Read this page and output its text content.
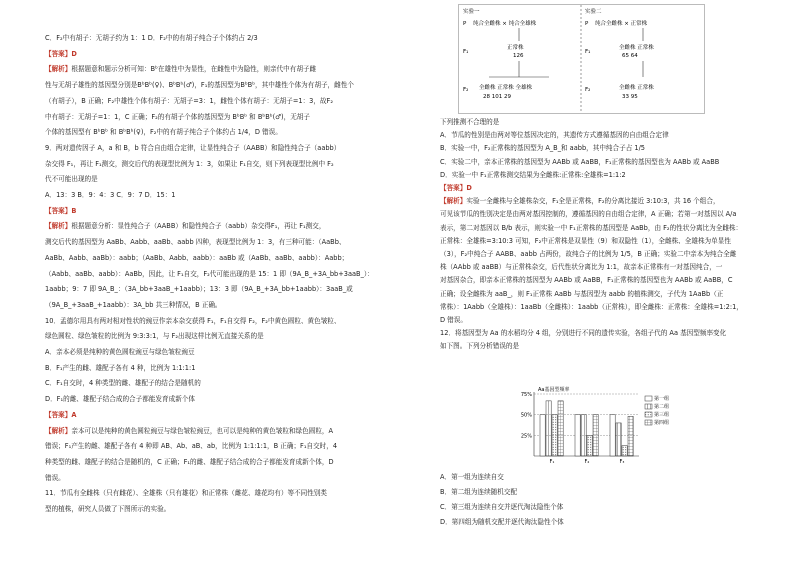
C．F₂中有胡子：无胡子约为 1：1 D．F₂中的有胡子纯合子个体约占 2/3
【答案】D
【解析】根据题意和题示分析可知：Bᵇ在雄性中为显性，在雌性中为隐性，则亲代中有胡子雌
性与无胡子雄性的基因型分别是BᵇBᵇ(♀)、BᵇBᵇ(♂)，F₁的基因型为BᵇBᵇ，其中雄性个体为有胡子，雌性个
（有胡子），B 正确；F₂中雄性个体有胡子：无胡子=3：1，雌性个体有胡子：无胡子=1：3，故F₂
中有胡子：无胡子=1：1，C 正确；F₂的有胡子个体的基因型为 BᵇBᵇ 和 BᵇBᵇ(♂)，无胡子
个体的基因型有 BᵇBᵇ 和 BᵇBᵇ(♀)，F₂中的有胡子纯合子个体约占 1/4，D 错误。
9．两对遗传因子 A，a 和 B，b 符合自由组合定律，让显性纯合子（AABB）和隐性纯合子（aabb）
杂交得 F₁，再让 F₁测交，测交后代的表现型比例为 1：3，如果让 F₁自交，则下列表现型比例中 F₂
代不可能出现的是
A．13：3 B．9：4：3 C．9：7 D．15：1
【答案】B
【解析】根据题意分析：显性纯合子（AABB）和隐性纯合子（aabb）杂交得F₁，再让 F₁测交，
测交后代的基因型为 AaBb、Aabb、aaBb、aabb 四种，表现型比例为 1：3，有三种可能：（AaBb、
AaBb、Aabb、aaBb）：aabb；（AaBb、Aabb、aabb）：aaBb 或（AaBb、aaBb、aabb）：Aabb；
（Aabb、aaBb、aabb）：AaBb，因此，让 F₁自交，F₂代可能出现的是 15：1 即（9A_B_+3A_bb+3aaB_）：
1aabb；9：7 即 9A_B_：（3A_bb+3aaB_+1aabb）；13：3 即（9A_B_+3A_bb+1aabb）：3aaB_或
（9A_B_+3aaB_+1aabb）：3A_bb 共三种情况，B 正确。
10．孟德尔用具有两对相对性状的豌豆作亲本杂交获得 F₁，F₁自交得 F₂，F₂中黄色圆粒、黄色皱粒、
绿色圆粒、绿色皱粒的比例为 9:3:3:1，与 F₂出现这样比例无直接关系的是
A．亲本必须是纯种的黄色圆粒豌豆与绿色皱粒豌豆
B．F₁产生的雌、雄配子各有 4 种，比例为 1:1:1:1
C．F₁自交时，4 种类型的雌、雄配子的结合是随机的
D．F₁的雌、雄配子结合成的合子都能发育成新个体
【答案】A
【解析】亲本可以是纯种的黄色圆粒豌豆与绿色皱粒豌豆，也可以是纯种的黄色皱粒和绿色圆粒，A
错误；F₁产生的雌、雄配子各有 4 种即 AB、Ab、aB、ab，比例为 1:1:1:1，B 正确；F₁自交时，4
种类型的雌、雄配子的结合是随机的，C 正确；F₁的雌、雄配子结合成的合子都能发育成新个体，D
错误。
11．节瓜有全雌株（只有雌花）、全雄株（只有雄花）和正常株（雌花、雄花均有）等不同性别类
型的植株，研究人员做了下图所示的实验。
实验一	实验二
P 纯合全雌株 × 纯合全雄株	P 纯合全雌株 × 正常株
F₁
正常株
126
F₁
全雌株 正常株
65 64
F₂ 全雌株 正常株 全雄株
28 101 29
F₂	全雌株 正常株
33 95
下列推测不合理的是
A．节瓜的性别是由两对等位基因决定的，其遗传方式遵循基因的自由组合定律
B．实验一中，F₂正常株的基因型为 A_B_和 aabb，其中纯合子占 1/5
C．实验二中，亲本正常株的基因型为 AABb 或 AaBB，F₁正常株的基因型也为 AABb 或 AaBB
D．实验一中 F₁正常株测交结果为全雌株:正常株:全雄株=1:1:2
【答案】D
【解析】实验一全雌株与全雄株杂交，F₁全是正常株，F₂的分离比接近 3:10:3，共 16 个组合，
可见该节瓜的性别决定是由两对基因控制的，遵循基因的自由组合定律，A 正确；若第一对基因以 A/a
表示，第二对基因以 B/b 表示，则实验一中 F₁正常株的基因型是 AaBb，由 F₂的性状分离比为全雌株：
正常株：全雄株=3:10:3 可知，F₂中正常株是双显性（9）和双隐性（1），全雌株、全雄株为单显性
（3），F₂中纯合子 AABB、aabb 占两份，故纯合子的比例为 1/5，B 正确；实验二中亲本为纯合全雌
株（AAbb 或 aaBB）与正常株杂交，后代性状分离比为 1:1，故亲本正常株有一对基因纯合，一
对基因杂合，即亲本正常株的基因型为 AABb 或 AaBB，F₁正常株的基因型也为 AABb 或 AaBB，C
正确；设全雌株为 aaB_，则 F₁正常株 AaBb 与基因型为 aabb 的植株测交，子代为 1AaBb（正
常株）：1Aabb（全雄株）：1aaBb（全雌株）：1aabb（正常株），即全雌株：正常株：全雄株=1:2:1，
D 错误。
12．将基因型为 Aa 的水稻均分 4 组，分别进行不同的遗传实验，各组子代的 Aa 基因型频率变化
如下图。下列分析错误的是
Aa基因型频率
75%
50%
25%
F₁	F₂	F₃
第一组
第二组
第三组
第四组
A．第一组为连续自交
B．第二组为连续随机交配
C．第三组为连续自交并逐代淘汰隐性个体
D．第四组为随机交配并逐代淘汰隐性个体
